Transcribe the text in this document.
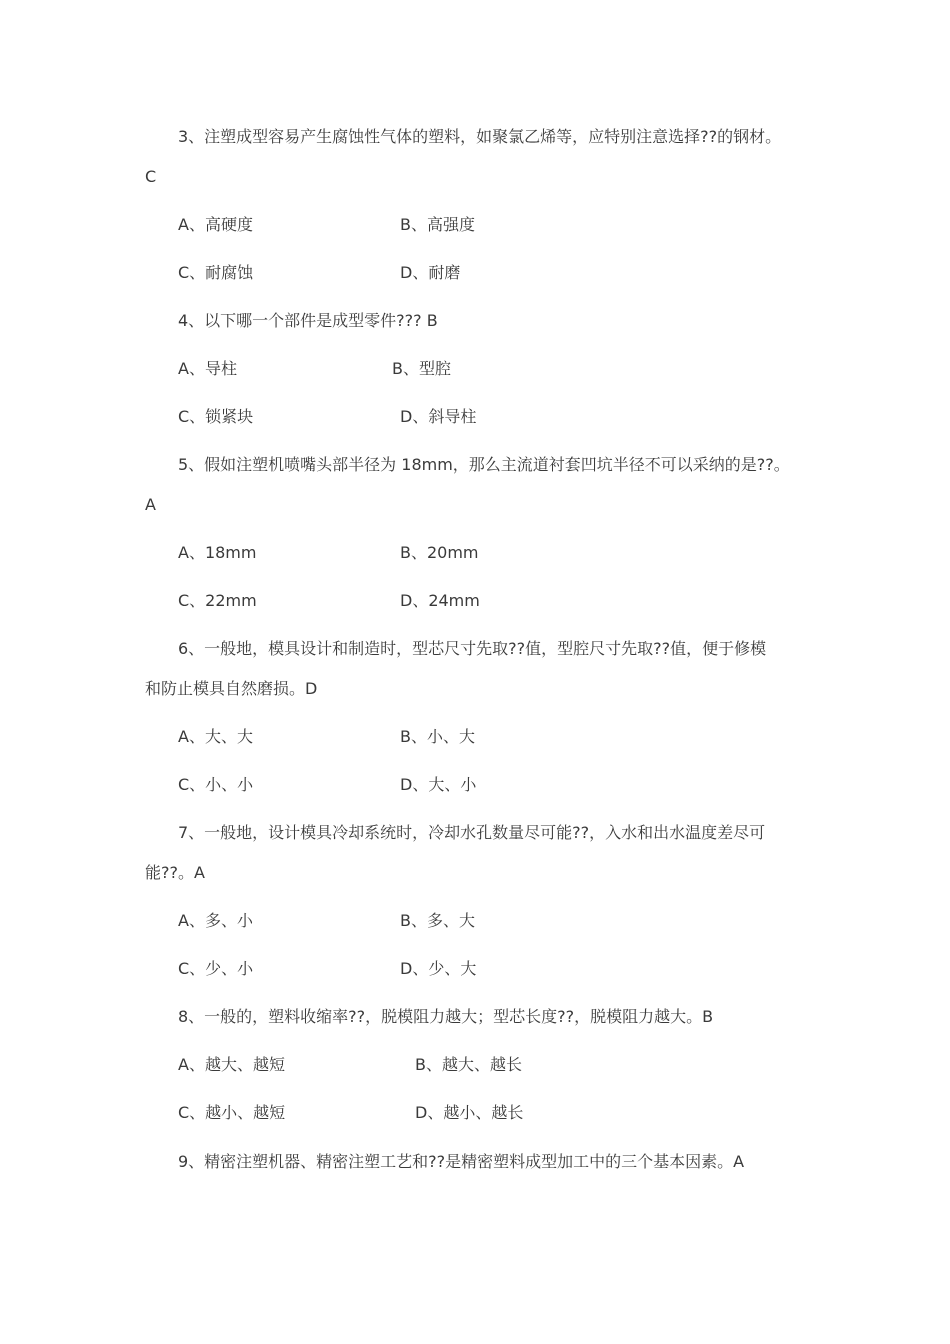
3、注塑成型容易产生腐蚀性气体的塑料，如聚氯乙烯等，应特别注意选择??的钢材。
C
A、高硬度	B、高强度
C、耐腐蚀	D、耐磨
4、以下哪一个部件是成型零件??? B
A、导柱	B、型腔
C、锁紧块	D、斜导柱
5、假如注塑机喷嘴头部半径为 18mm，那么主流道衬套凹坑半径不可以采纳的是??。
A
A、18mm	B、20mm
C、22mm	D、24mm
6、一般地，模具设计和制造时，型芯尺寸先取??值，型腔尺寸先取??值，便于修模
和防止模具自然磨损。D
A、大、大	B、小、大
C、小、小	D、大、小
7、一般地，设计模具冷却系统时，冷却水孔数量尽可能??，入水和出水温度差尽可
能??。A
A、多、小	B、多、大
C、少、小	D、少、大
8、一般的，塑料收缩率??，脱模阻力越大；型芯长度??，脱模阻力越大。B
A、越大、越短	B、越大、越长
C、越小、越短	D、越小、越长
9、精密注塑机器、精密注塑工艺和??是精密塑料成型加工中的三个基本因素。A
